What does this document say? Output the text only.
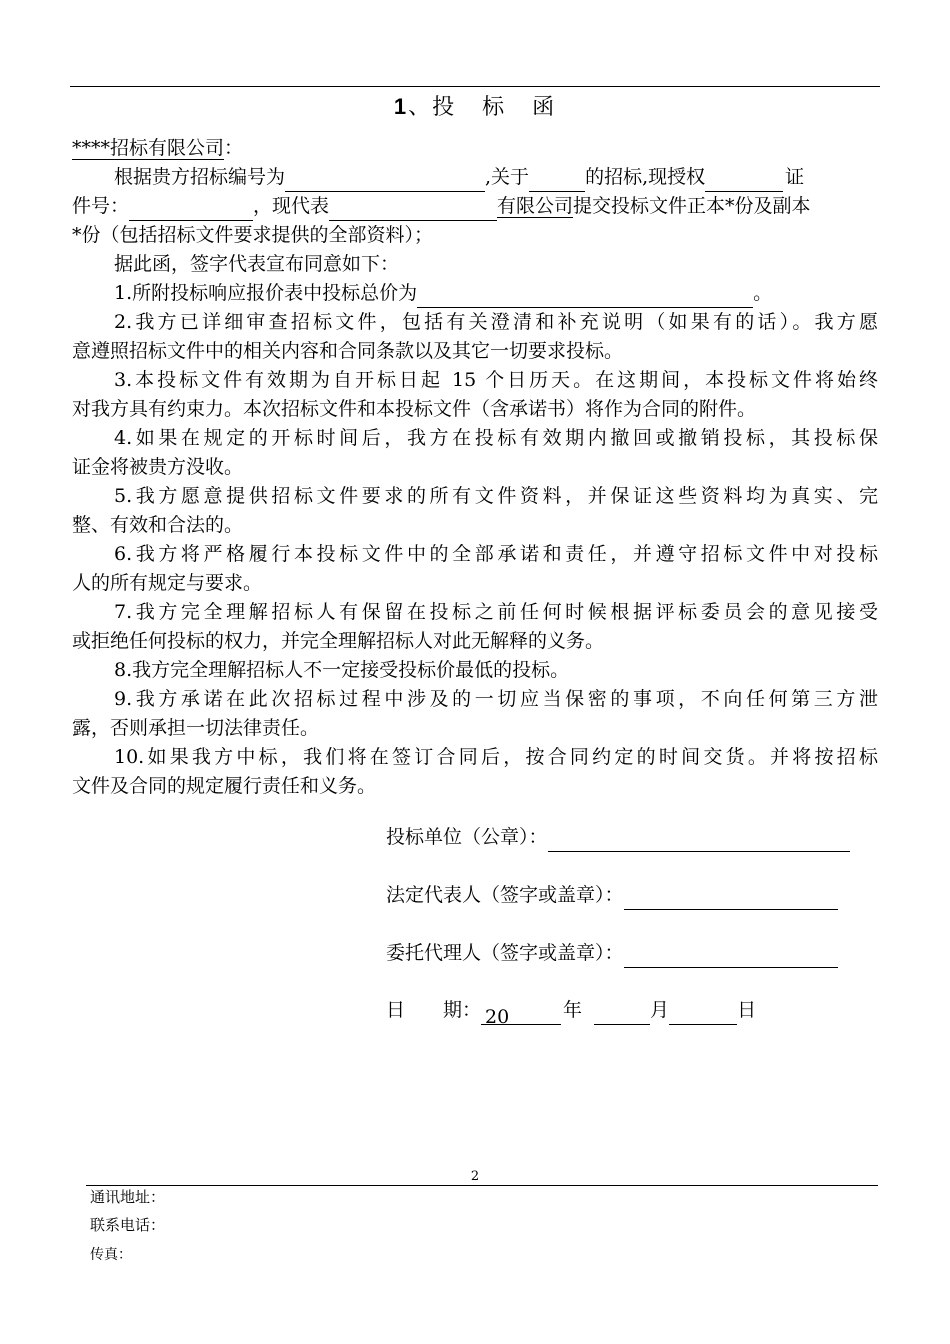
1、投 标 函
****招标有限公司：
根据贵方招标编号为	,关于	的招标,现授权	证
件号：	，现代表	有限公司提交投标文件正本*份及副本
*份（包括招标文件要求提供的全部资料）；
据此函，签字代表宣布同意如下：
1.所附投标响应报价表中投标总价为	。
2.我方已详细审查招标文件，包括有关澄清和补充说明（如果有的话）。我方愿
意遵照招标文件中的相关内容和合同条款以及其它一切要求投标。
3.本投标文件有效期为自开标日起 15 个日历天。在这期间，本投标文件将始终
对我方具有约束力。本次招标文件和本投标文件（含承诺书）将作为合同的附件。
4.如果在规定的开标时间后，我方在投标有效期内撤回或撤销投标，其投标保
证金将被贵方没收。
5.我方愿意提供招标文件要求的所有文件资料，并保证这些资料均为真实、完
整、有效和合法的。
6.我方将严格履行本投标文件中的全部承诺和责任，并遵守招标文件中对投标
人的所有规定与要求。
7.我方完全理解招标人有保留在投标之前任何时候根据评标委员会的意见接受
或拒绝任何投标的权力，并完全理解招标人对此无解释的义务。
8.我方完全理解招标人不一定接受投标价最低的投标。
9.我方承诺在此次招标过程中涉及的一切应当保密的事项，不向任何第三方泄
露，否则承担一切法律责任。
10.如果我方中标，我们将在签订合同后，按合同约定的时间交货。并将按招标
文件及合同的规定履行责任和义务。
投标单位（公章）：
法定代表人（签字或盖章）：
委托代理人（签字或盖章）：
日 期： 20	年	月	日
2
通讯地址：
联系电话：
传真：
